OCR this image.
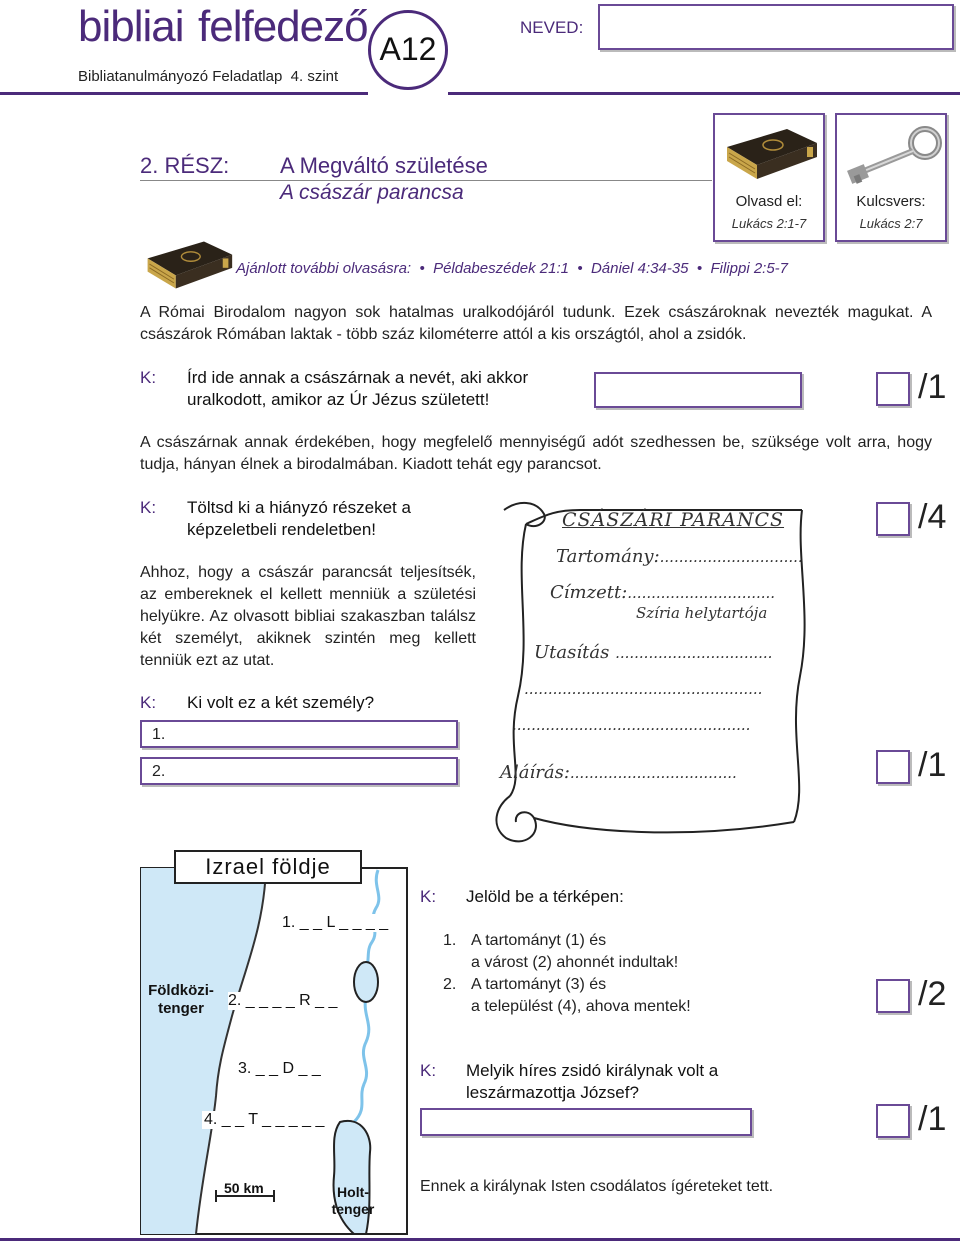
bibliai felfedező A12
Bibliatanulmányozó Feladatlap 4. szint
NEVED:
2. RÉSZ: A Megváltó születése
A császár parancsa	Olvasd el:
Lukács 2:1-7
Kulcsvers:
Lukács 2:7
Ajánlott további olvasásra: • Példabeszédek 21:1 • Dániel 4:34-35 • Filippi 2:5-7
A Római Birodalom nagyon sok hatalmas uralkodójáról tudunk. Ezek császároknak nevezték magukat. A császárok Rómában laktak - több száz kilométerre attól a kis országtól, ahol a zsidók.
K: Írd ide annak a császárnak a nevét, aki akkor uralkodott, amikor az Úr Jézus született!	/1
A császárnak annak érdekében, hogy megfelelő mennyiségű adót szedhessen be, szüksége volt arra, hogy tudja, hányan élnek a birodalmában. Kiadott tehát egy parancsot.
K: Töltsd ki a hiányzó részeket a képzeletbeli rendeletben!	/4
Ahhoz, hogy a császár parancsát teljesítsék, az embereknek el kellett menniük a születési helyükre. Az olvasott bibliai szakaszban találsz két személyt, akiknek szintén meg kellett tenniük ezt az utat.
CSÁSZÁRI PARANCS
Tartomány:..............................
Címzett:...............................
Szíria helytartója
Utasítás .................................
..................................................
..................................................
Aláírás:...................................
K: Ki volt ez a két személy?
1.
2.	/1
Izrael földje
1. _ _ L _ _ _ _
Földközi-tenger	2. _ _ _ _ R _ _
3. _ _ D _ _
4. _ _ T _ _ _ _ _
50 km	Holt-tenger
K: Jelöld be a térképen:
1. A tartományt (1) és
a várost (2) ahonnét indultak!
2. A tartományt (3) és
a települést (4), ahova mentek!	/2
K: Melyik híres zsidó királynak volt a leszármazottja József?
/1
Ennek a királynak Isten csodálatos ígéreteket tett.
